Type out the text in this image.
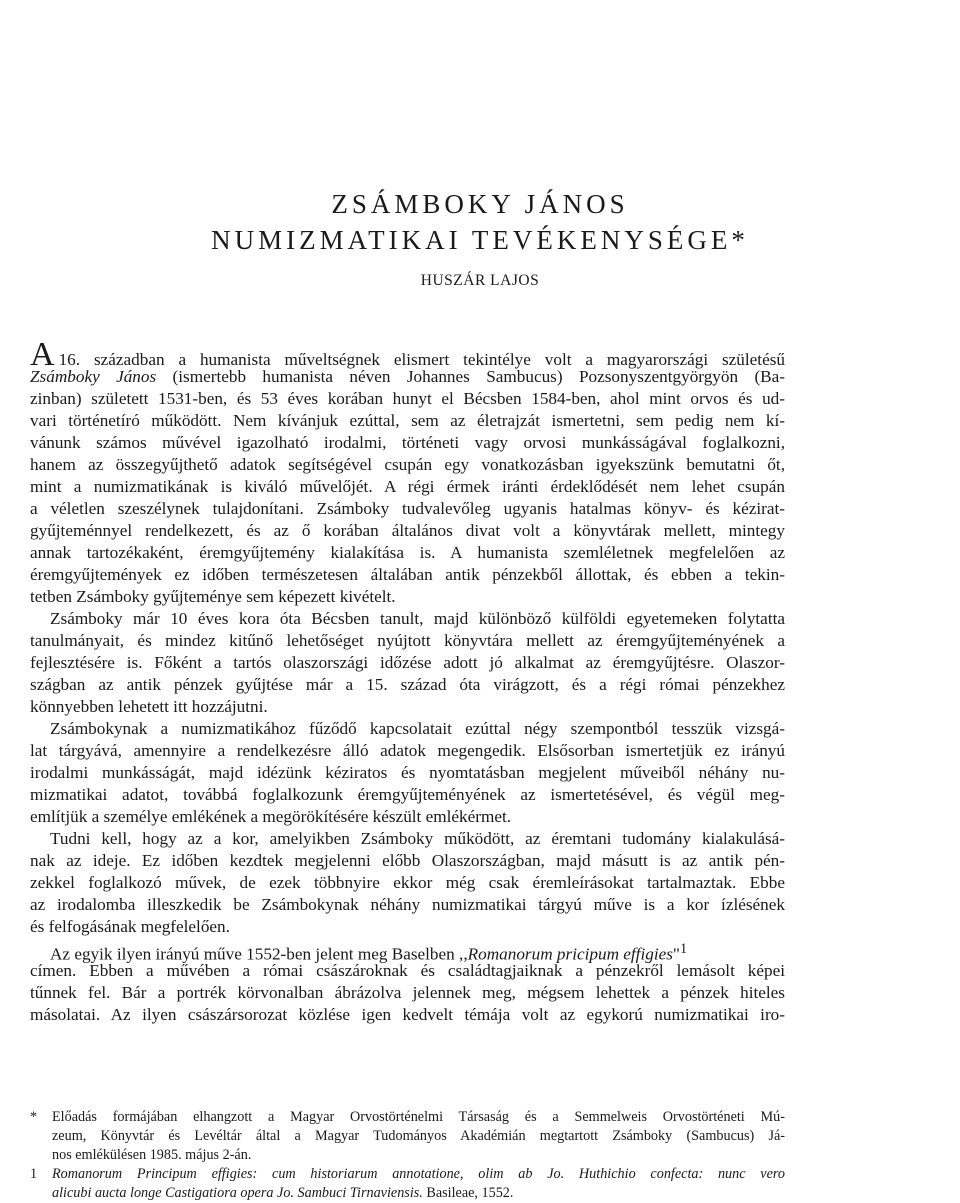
ZSÁMBOKY JÁNOS
NUMIZMATIKAI TEVÉKENYSÉGE*
HUSZÁR LAJOS
A 16. században a humanista műveltségnek elismert tekintélye volt a magyarországi születésű
Zsámboky János (ismertebb humanista néven Johannes Sambucus) Pozsonyszentgyörgyön (Ba-
zinban) született 1531-ben, és 53 éves korában hunyt el Bécsben 1584-ben, ahol mint orvos és ud-
vari történetíró működött. Nem kívánjuk ezúttal, sem az életrajzát ismertetni, sem pedig nem kí-
vánunk számos művével igazolható irodalmi, történeti vagy orvosi munkásságával foglalkozni,
hanem az összegyűjthető adatok segítségével csupán egy vonatkozásban igyekszünk bemutatni őt,
mint a numizmatikának is kiváló művelőjét. A régi érmek iránti érdeklődését nem lehet csupán
a véletlen szeszélynek tulajdonítani. Zsámboky tudvalevőleg ugyanis hatalmas könyv- és kézirat-
gyűjteménnyel rendelkezett, és az ő korában általános divat volt a könyvtárak mellett, mintegy
annak tartozékaként, éremgyűjtemény kialakítása is. A humanista szemléletnek megfelelően az
éremgyűjtemények ez időben természetesen általában antik pénzekből állottak, és ebben a tekin-
tetben Zsámboky gyűjteménye sem képezett kivételt.
Zsámboky már 10 éves kora óta Bécsben tanult, majd különböző külföldi egyetemeken folytatta
tanulmányait, és mindez kitűnő lehetőséget nyújtott könyvtára mellett az éremgyűjteményének a
fejlesztésére is. Főként a tartós olaszországi időzése adott jó alkalmat az éremgyűjtésre. Olaszor-
szágban az antik pénzek gyűjtése már a 15. század óta virágzott, és a régi római pénzekhez
könnyebben lehetett itt hozzájutni.
Zsámbokynak a numizmatikához fűződő kapcsolatait ezúttal négy szempontból tesszük vizsgá-
lat tárgyává, amennyire a rendelkezésre álló adatok megengedik. Elsősorban ismertetjük ez irányú
irodalmi munkásságát, majd idézünk kéziratos és nyomtatásban megjelent műveiből néhány nu-
mizmatikai adatot, továbbá foglalkozunk éremgyűjteményének az ismertetésével, és végül meg-
említjük a személye emlékének a megörökítésére készült emlékérmet.
Tudni kell, hogy az a kor, amelyikben Zsámboky működött, az éremtani tudomány kialakulásá-
nak az ideje. Ez időben kezdtek megjelenni előbb Olaszországban, majd másutt is az antik pén-
zekkel foglalkozó művek, de ezek többnyire ekkor még csak éremleírásokat tartalmaztak. Ebbe
az irodalomba illeszkedik be Zsámbokynak néhány numizmatikai tárgyú műve is a kor ízlésének
és felfogásának megfelelően.
Az egyik ilyen irányú műve 1552-ben jelent meg Baselben ,,Romanorum pricipum effigies"$^1$
címen. Ebben a művében a római császároknak és családtagjaiknak a pénzekről lemásolt képei
tűnnek fel. Bár a portrék körvonalban ábrázolva jelennek meg, mégsem lehettek a pénzek hiteles
másolatai. Az ilyen császársorozat közlése igen kedvelt témája volt az egykorú numizmatikai iro-
* Előadás formájában elhangzott a Magyar Orvostörténelmi Társaság és a Semmelweis Orvostörténeti Mú-
zeum, Könyvtár és Levéltár által a Magyar Tudományos Akadémián megtartott Zsámboky (Sambucus) Já-
nos emlékülésen 1985. május 2-án.
1 Romanorum Principum effigies: cum historiarum annotatione, olim ab Jo. Huthichio confecta: nunc vero
alicubi aucta longe Castigatiora opera Jo. Sambuci Tirnaviensis. Basileae, 1552.
